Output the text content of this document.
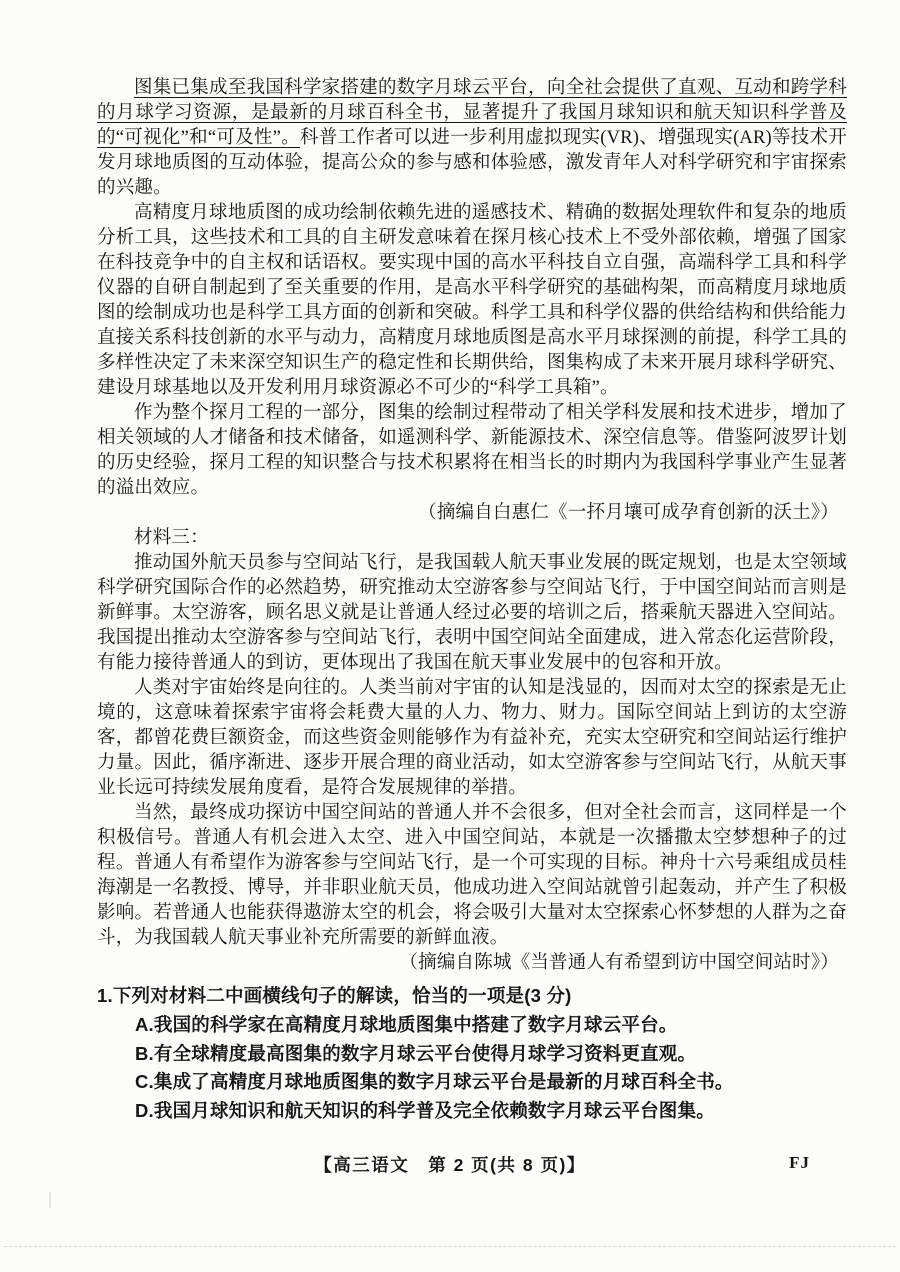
图集已集成至我国科学家搭建的数字月球云平台，向全社会提供了直观、互动和跨学科的月球学习资源，是最新的月球百科全书，显著提升了我国月球知识和航天知识科学普及的“可视化”和“可及性”。科普工作者可以进一步利用虚拟现实(VR)、增强现实(AR)等技术开发月球地质图的互动体验，提高公众的参与感和体验感，激发青年人对科学研究和宇宙探索的兴趣。

高精度月球地质图的成功绘制依赖先进的遥感技术、精确的数据处理软件和复杂的地质分析工具，这些技术和工具的自主研发意味着在探月核心技术上不受外部依赖，增强了国家在科技竞争中的自主权和话语权。要实现中国的高水平科技自立自强，高端科学工具和科学仪器的自研自制起到了至关重要的作用，是高水平科学研究的基础构架，而高精度月球地质图的绘制成功也是科学工具方面的创新和突破。科学工具和科学仪器的供给结构和供给能力直接关系科技创新的水平与动力，高精度月球地质图是高水平月球探测的前提，科学工具的多样性决定了未来深空知识生产的稳定性和长期供给，图集构成了未来开展月球科学研究、建设月球基地以及开发利用月球资源必不可少的“科学工具箱”。

作为整个探月工程的一部分，图集的绘制过程带动了相关学科发展和技术进步，增加了相关领域的人才储备和技术储备，如遥测科学、新能源技术、深空信息等。借鉴阿波罗计划的历史经验，探月工程的知识整合与技术积累将在相当长的时期内为我国科学事业产生显著的溢出效应。

（摘编自白惠仁《一抔月壤可成孕育创新的沃土》）

材料三：

推动国外航天员参与空间站飞行，是我国载人航天事业发展的既定规划，也是太空领域科学研究国际合作的必然趋势，研究推动太空游客参与空间站飞行，于中国空间站而言则是新鲜事。太空游客，顾名思义就是让普通人经过必要的培训之后，搭乘航天器进入空间站。我国提出推动太空游客参与空间站飞行，表明中国空间站全面建成，进入常态化运营阶段，有能力接待普通人的到访，更体现出了我国在航天事业发展中的包容和开放。

人类对宇宙始终是向往的。人类当前对宇宙的认知是浅显的，因而对太空的探索是无止境的，这意味着探索宇宙将会耗费大量的人力、物力、财力。国际空间站上到访的太空游客，都曾花费巨额资金，而这些资金则能够作为有益补充，充实太空研究和空间站运行维护力量。因此，循序渐进、逐步开展合理的商业活动，如太空游客参与空间站飞行，从航天事业长远可持续发展角度看，是符合发展规律的举措。

当然，最终成功探访中国空间站的普通人并不会很多，但对全社会而言，这同样是一个积极信号。普通人有机会进入太空、进入中国空间站，本就是一次播撒太空梦想种子的过程。普通人有希望作为游客参与空间站飞行，是一个可实现的目标。神舟十六号乘组成员桂海潮是一名教授、博导，并非职业航天员，他成功进入空间站就曾引起轰动，并产生了积极影响。若普通人也能获得遨游太空的机会，将会吸引大量对太空探索心怀梦想的人群为之奋斗，为我国载人航天事业补充所需要的新鲜血液。

（摘编自陈城《当普通人有希望到访中国空间站时》）

1.下列对材料二中画横线句子的解读，恰当的一项是(3 分)

A.我国的科学家在高精度月球地质图集中搭建了数字月球云平台。

B.有全球精度最高图集的数字月球云平台使得月球学习资料更直观。

C.集成了高精度月球地质图集的数字月球云平台是最新的月球百科全书。

D.我国月球知识和航天知识的科学普及完全依赖数字月球云平台图集。

【高三语文　第 2 页(共 8 页)】	FJ
